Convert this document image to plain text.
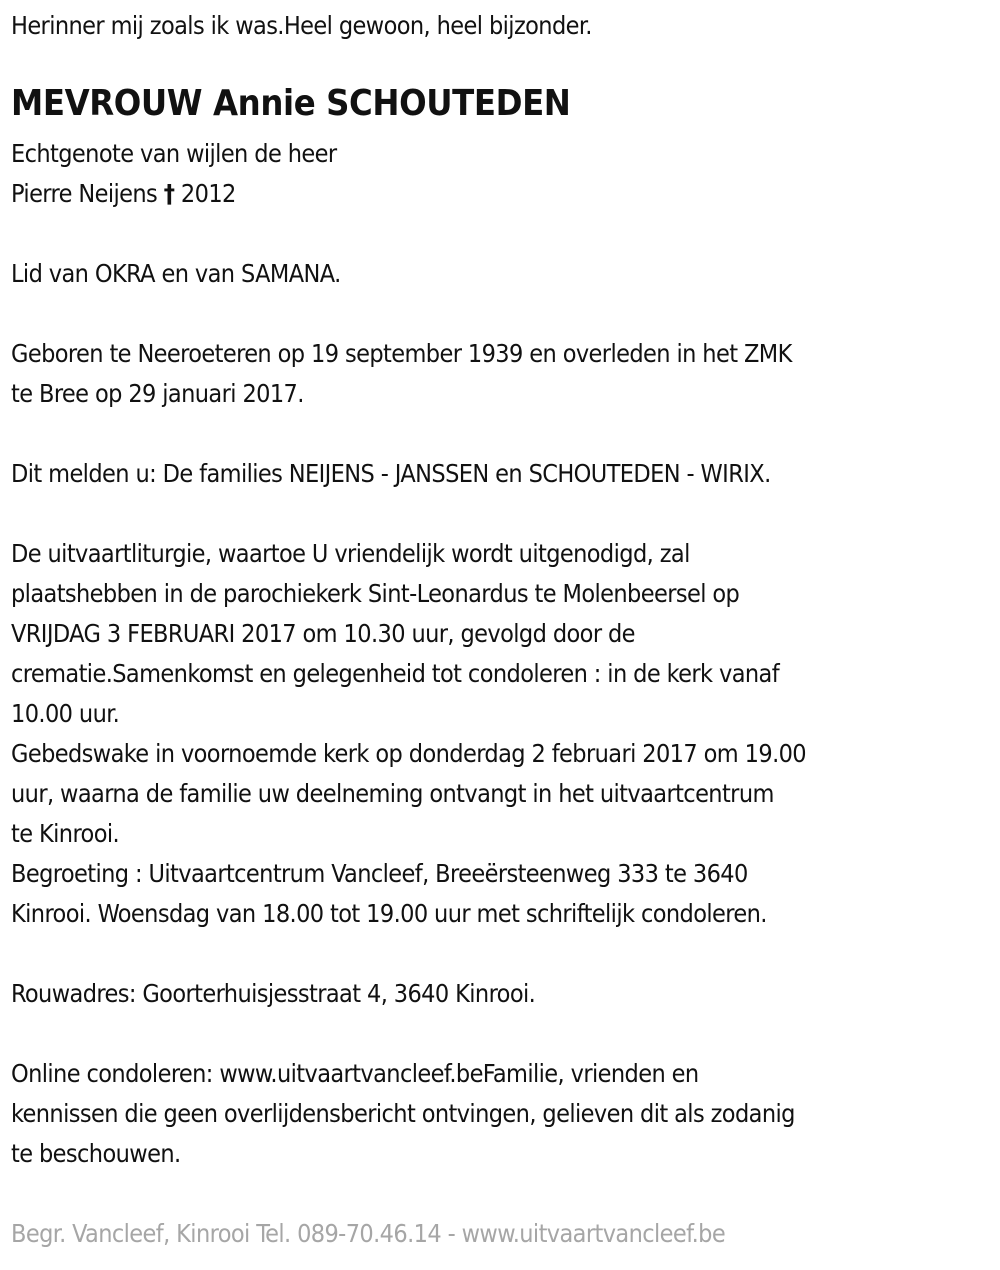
Herinner mij zoals ik was.Heel gewoon, heel bijzonder.
MEVROUW Annie SCHOUTEDEN
Echtgenote van wijlen de heer
Pierre Neijens † 2012
Lid van OKRA en van SAMANA.
Geboren te Neeroeteren op 19 september 1939 en overleden in het ZMK
te Bree op 29 januari 2017.
Dit melden u: De families NEIJENS - JANSSEN en SCHOUTEDEN - WIRIX.
De uitvaartliturgie, waartoe U vriendelijk wordt uitgenodigd, zal
plaatshebben in de parochiekerk Sint-Leonardus te Molenbeersel op
VRIJDAG 3 FEBRUARI 2017 om 10.30 uur, gevolgd door de
crematie.Samenkomst en gelegenheid tot condoleren : in de kerk vanaf
10.00 uur.
Gebedswake in voornoemde kerk op donderdag 2 februari 2017 om 19.00
uur, waarna de familie uw deelneming ontvangt in het uitvaartcentrum
te Kinrooi.
Begroeting : Uitvaartcentrum Vancleef, Breeërsteenweg 333 te 3640
Kinrooi. Woensdag van 18.00 tot 19.00 uur met schriftelijk condoleren.
Rouwadres: Goorterhuisjesstraat 4, 3640 Kinrooi.
Online condoleren: www.uitvaartvancleef.beFamilie, vrienden en
kennissen die geen overlijdensbericht ontvingen, gelieven dit als zodanig
te beschouwen.
Begr. Vancleef, Kinrooi Tel. 089-70.46.14 - www.uitvaartvancleef.be
